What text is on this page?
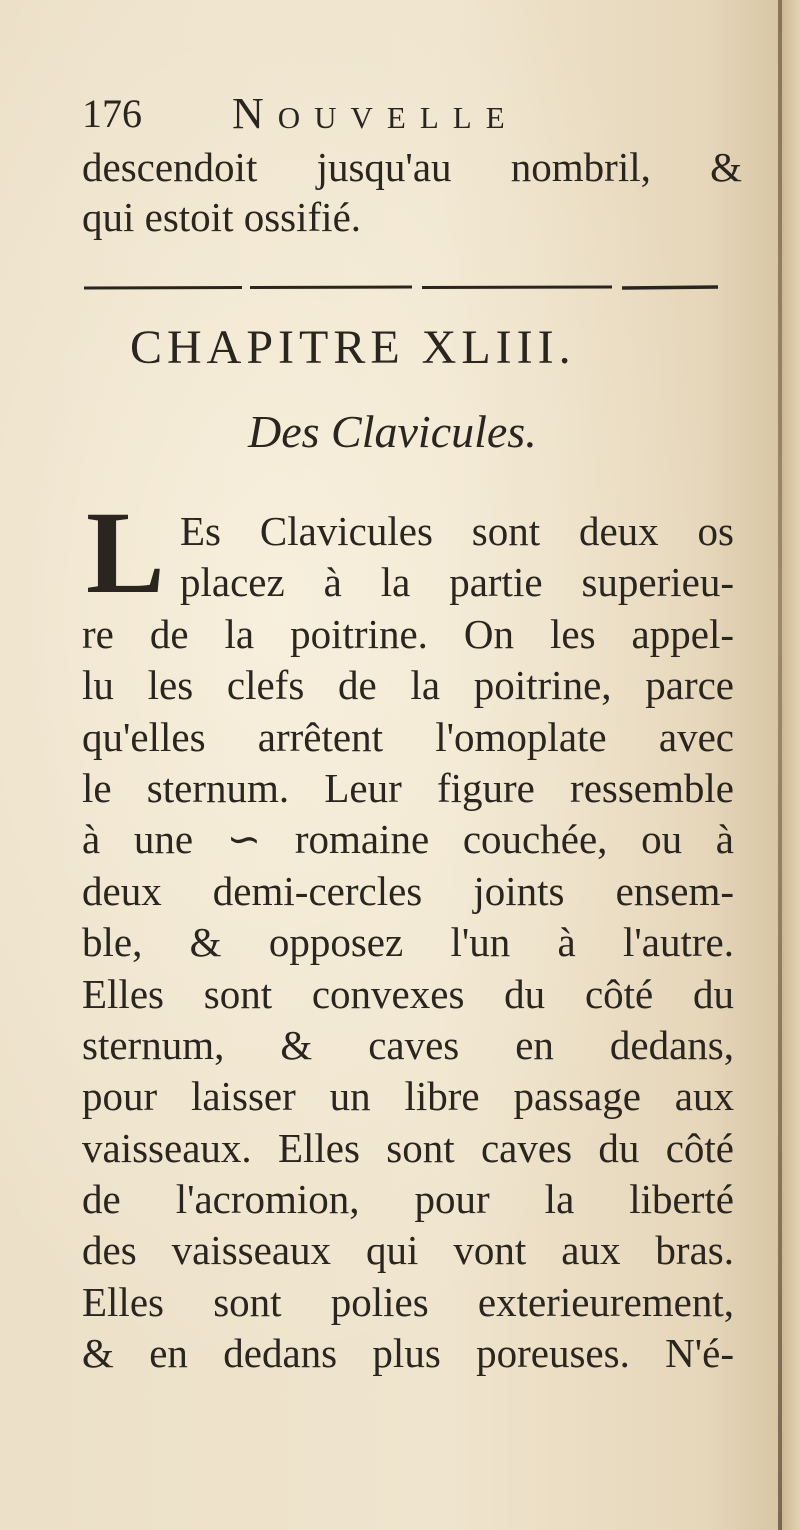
176 Nouvelle
descendoit jusqu'au nombril, &
qui estoit ossifié.
CHAPITRE XLIII.
Des Clavicules.
L Es Clavicules sont deux os
placez à la partie superieu-
re de la poitrine. On les appel-
lu les clefs de la poitrine, parce
qu'elles arrêtent l'omoplate avec
le sternum. Leur figure ressemble
à une ∽ romaine couchée, ou à
deux demi-cercles joints ensem-
ble, & opposez l'un à l'autre.
Elles sont convexes du côté du
sternum, & caves en dedans,
pour laisser un libre passage aux
vaisseaux. Elles sont caves du côté
de l'acromion, pour la liberté
des vaisseaux qui vont aux bras.
Elles sont polies exterieurement,
& en dedans plus poreuses. N'é-
